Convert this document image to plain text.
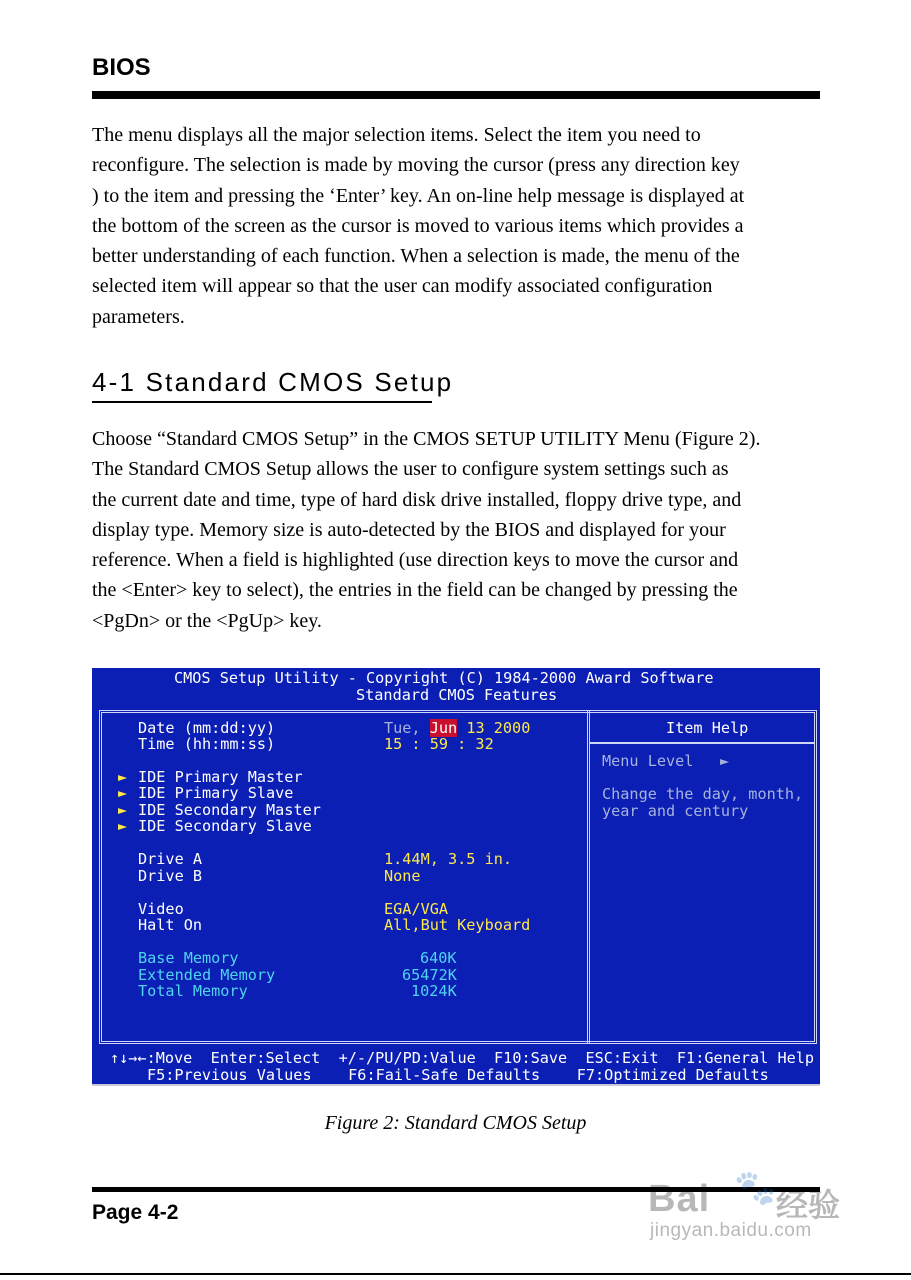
BIOS

The menu displays all the major selection items. Select the item you need to
reconfigure. The selection is made by moving the cursor (press any direction key
) to the item and pressing the ‘Enter’ key. An on-line help message is displayed at
the bottom of the screen as the cursor is moved to various items which provides a
better understanding of each function. When a selection is made, the menu of the
selected item will appear so that the user can modify associated configuration
parameters.

4-1 Standard CMOS Setup

Choose “Standard CMOS Setup” in the CMOS SETUP UTILITY Menu (Figure 2).
The Standard CMOS Setup allows the user to configure system settings such as
the current date and time, type of hard disk drive installed, floppy drive type, and
display type. Memory size is auto-detected by the BIOS and displayed for your
reference. When a field is highlighted (use direction keys to move the cursor and
the <Enter> key to select), the entries in the field can be changed by pressing the
<PgDn> or the <PgUp> key.

CMOS Setup Utility - Copyright (C) 1984-2000 Award Software
Standard CMOS Features
Date (mm:dd:yy)	Tue, Jun 13 2000
Time (hh:mm:ss)	15 : 59 : 32
► IDE Primary Master
► IDE Primary Slave
► IDE Secondary Master
► IDE Secondary Slave
Drive A	1.44M, 3.5 in.
Drive B	None
Video	EGA/VGA
Halt On	All,But Keyboard
Base Memory	640K
Extended Memory	65472K
Total Memory	1024K
Item Help
Menu Level ►
Change the day, month,
year and century
↑↓→←:Move  Enter:Select  +/-/PU/PD:Value  F10:Save  ESC:Exit  F1:General Help
F5:Previous Values    F6:Fail-Safe Defaults    F7:Optimized Defaults
Figure 2: Standard CMOS Setup
Page 4-2
🐾
Bai 经验
jingyan.baidu.com
